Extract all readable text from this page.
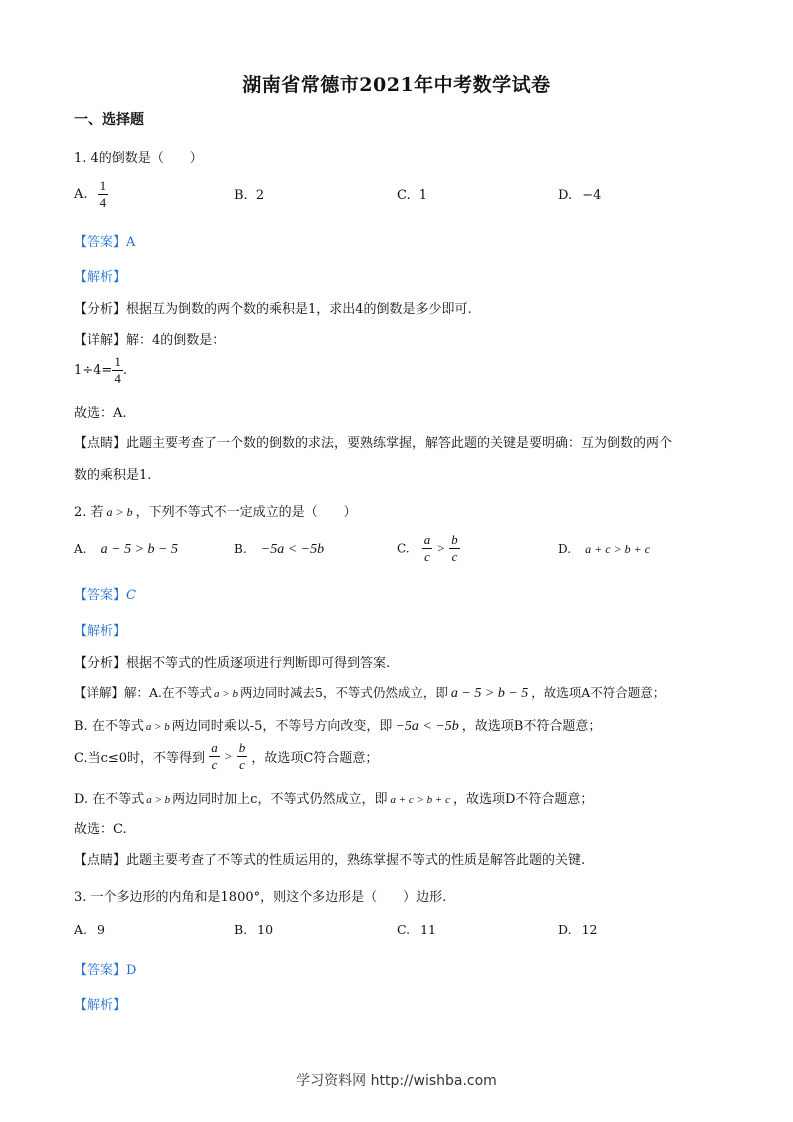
湖南省常德市2021年中考数学试卷
一、选择题
1. 4的倒数是（　　）
A. $\frac{1}{4}$	B. 2	C. 1	D. −4
【答案】A
【解析】
【分析】根据互为倒数的两个数的乘积是1，求出4的倒数是多少即可.
【详解】解：4的倒数是：
$1\div 4= \frac{1}{4}$ .
故选：A.
【点睛】此题主要考查了一个数的倒数的求法，要熟练掌握，解答此题的关键是要明确：互为倒数的两个
数的乘积是1.
2. 若 a > b ，下列不等式不一定成立的是（　　）
A. a − 5 > b − 5	B. −5a < −5b	C. $\frac{a}{c} > \frac{b}{c}$	D. a + c > b + c
【答案】C
【解析】
【分析】根据不等式的性质逐项进行判断即可得到答案.
【详解】解：A.在不等式 a > b 两边同时减去5，不等式仍然成立，即 a − 5 > b − 5 ，故选项A不符合题意；
B. 在不等式 a > b 两边同时乘以-5，不等号方向改变，即 −5a < −5b ，故选项B不符合题意；
C.当c≤0时，不等得到 $\frac{a}{c} > \frac{b}{c}$ ，故选项C符合题意；
D. 在不等式 a > b 两边同时加上c，不等式仍然成立，即 a + c > b + c ，故选项D不符合题意；
故选：C.
【点睛】此题主要考查了不等式的性质运用的，熟练掌握不等式的性质是解答此题的关键.
3. 一个多边形的内角和是1800°，则这个多边形是（　　）边形.
A. 9	B. 10	C. 11	D. 12
【答案】D
【解析】
学习资料网 http://wishba.com
